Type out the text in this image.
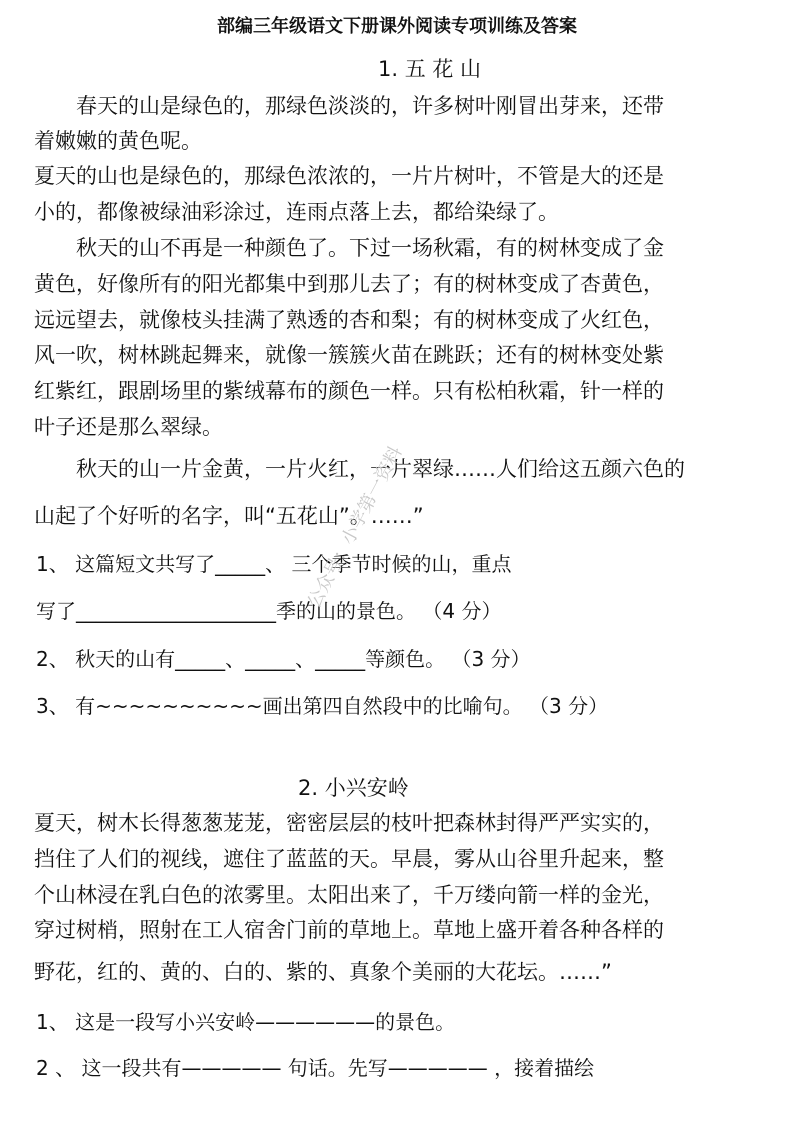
部编三年级语文下册课外阅读专项训练及答案
1. 五 花 山
春天的山是绿色的，那绿色淡淡的，许多树叶刚冒出芽来，还带
着嫩嫩的黄色呢。
夏天的山也是绿色的，那绿色浓浓的，一片片树叶，不管是大的还是
小的，都像被绿油彩涂过，连雨点落上去，都给染绿了。
秋天的山不再是一种颜色了。下过一场秋霜，有的树林变成了金
黄色，好像所有的阳光都集中到那儿去了；有的树林变成了杏黄色，
远远望去，就像枝头挂满了熟透的杏和梨；有的树林变成了火红色，
风一吹，树林跳起舞来，就像一簇簇火苗在跳跃；还有的树林变处紫
红紫红，跟剧场里的紫绒幕布的颜色一样。只有松柏秋霜，针一样的
叶子还是那么翠绿。
秋天的山一片金黄，一片火红，一片翠绿……人们给这五颜六色的
山起了个好听的名字，叫“五花山”。……”
1、 这篇短文共写了_____、 三个季节时候的山，重点
写了____________________季的山的景色。 （4 分）
2、 秋天的山有_____、_____、_____等颜色。 （3 分）
3、 有~~~~~~~~~~画出第四自然段中的比喻句。 （3 分）
2. 小兴安岭
夏天，树木长得葱葱茏茏，密密层层的枝叶把森林封得严严实实的，
挡住了人们的视线，遮住了蓝蓝的天。早晨，雾从山谷里升起来，整
个山林浸在乳白色的浓雾里。太阳出来了，千万缕向箭一样的金光，
穿过树梢，照射在工人宿舍门前的草地上。草地上盛开着各种各样的
野花，红的、黄的、白的、紫的、真象个美丽的大花坛。……”
1、 这是一段写小兴安岭——————的景色。
2 、 这一段共有————— 句话。先写————— ，接着描绘
公众号：小学第一资料
